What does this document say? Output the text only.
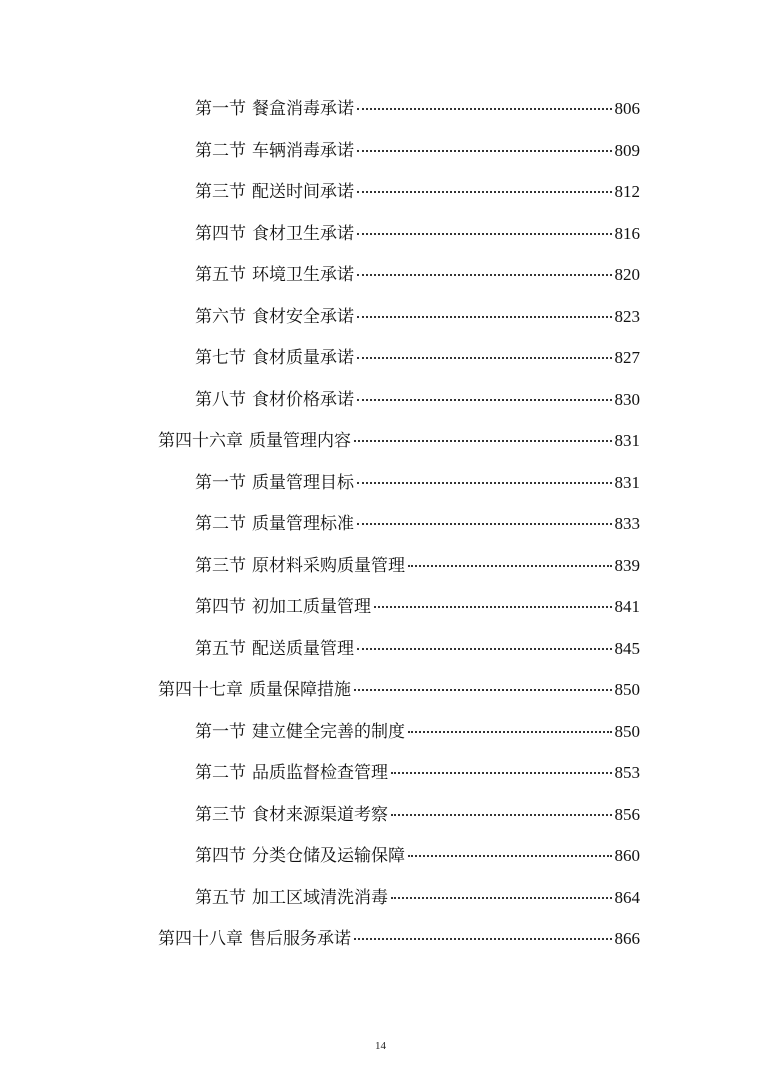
第一节 餐盒消毒承诺	806
第二节 车辆消毒承诺	809
第三节 配送时间承诺	812
第四节 食材卫生承诺	816
第五节 环境卫生承诺	820
第六节 食材安全承诺	823
第七节 食材质量承诺	827
第八节 食材价格承诺	830
第四十六章 质量管理内容	831
第一节 质量管理目标	831
第二节 质量管理标准	833
第三节 原材料采购质量管理	839
第四节 初加工质量管理	841
第五节 配送质量管理	845
第四十七章 质量保障措施	850
第一节 建立健全完善的制度	850
第二节 品质监督检查管理	853
第三节 食材来源渠道考察	856
第四节 分类仓储及运输保障	860
第五节 加工区域清洗消毒	864
第四十八章 售后服务承诺	866
14
